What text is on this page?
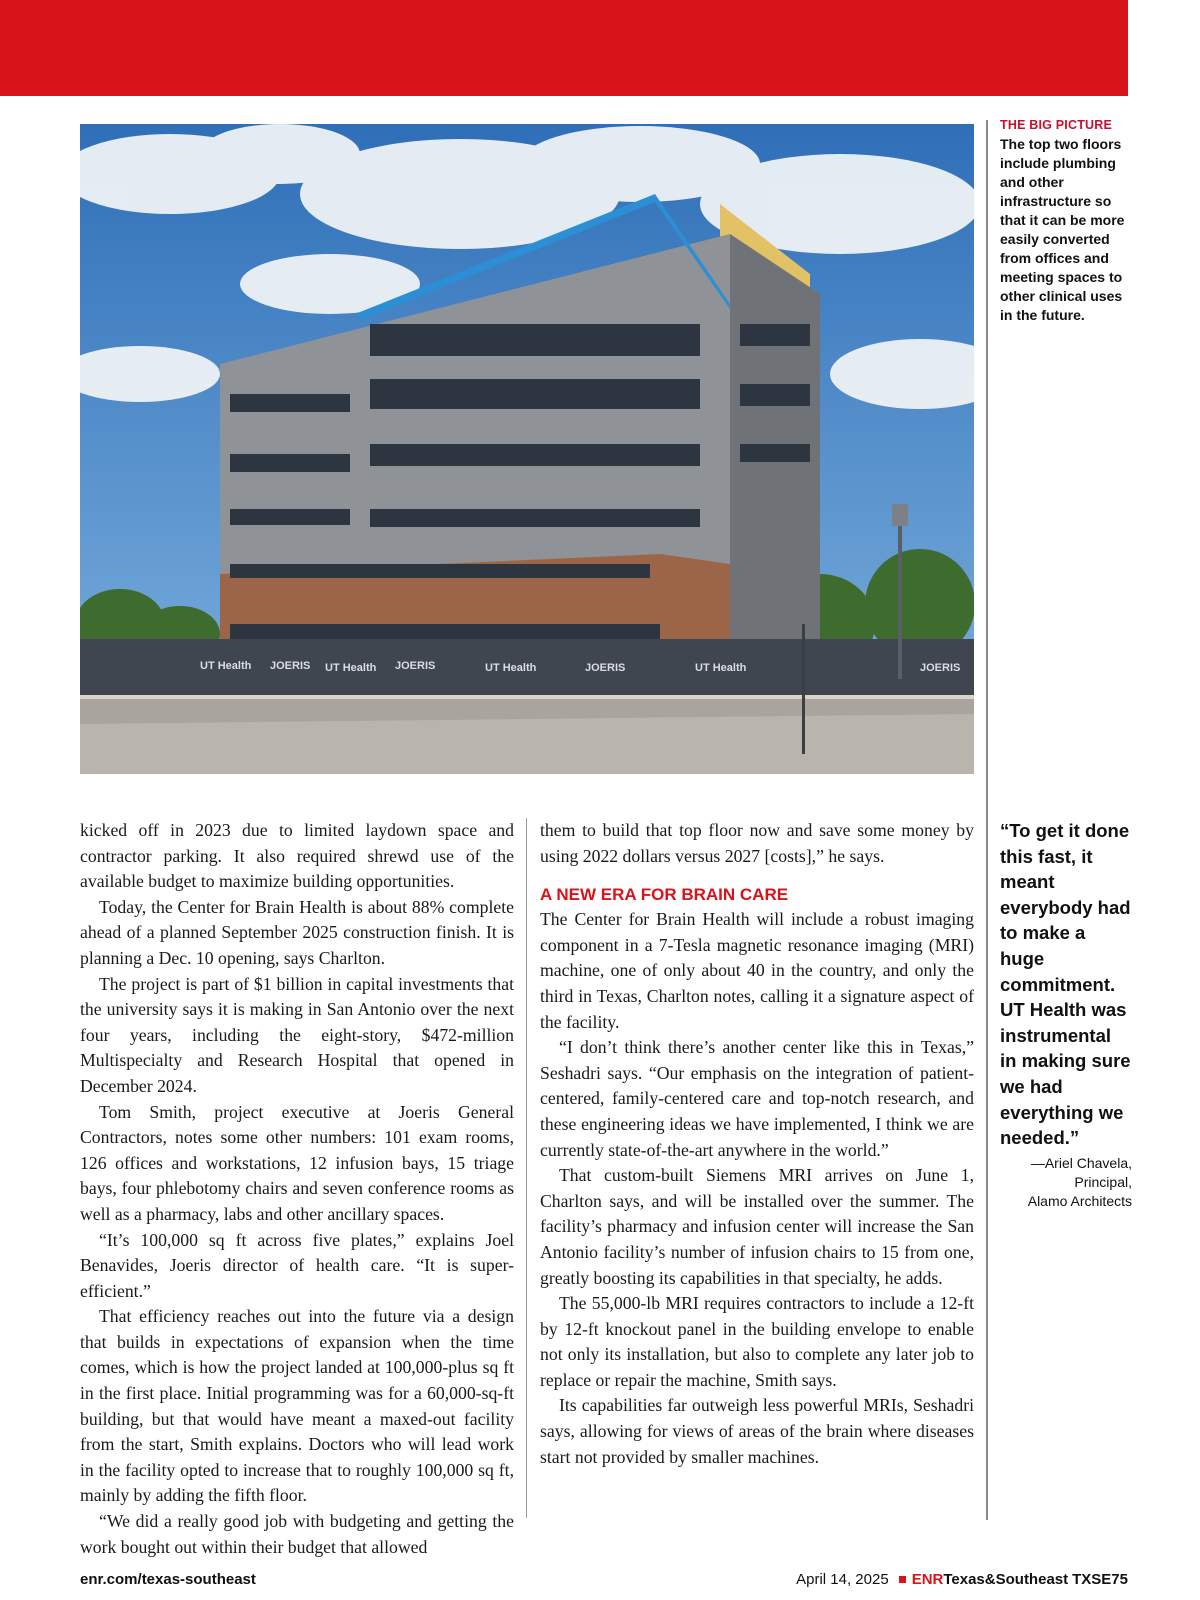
UT Health JOERIS UT Health JOERIS	UT Health	JOERIS	UT Health	JOERIS
THE BIG PICTURE
The top two floors include plumbing and other infrastructure so that it can be more easily converted from offices and meeting spaces to other clinical uses in the future.

kicked off in 2023 due to limited laydown space and contractor parking. It also required shrewd use of the available budget to maximize building opportunities.

Today, the Center for Brain Health is about 88% complete ahead of a planned September 2025 construction finish. It is planning a Dec. 10 opening, says Charlton.

The project is part of $1 billion in capital investments that the university says it is making in San Antonio over the next four years, including the eight-story, $472-million Multispecialty and Research Hospital that opened in December 2024.

Tom Smith, project executive at Joeris General Contractors, notes some other numbers: 101 exam rooms, 126 offices and workstations, 12 infusion bays, 15 triage bays, four phlebotomy chairs and seven conference rooms as well as a pharmacy, labs and other ancillary spaces.

“It’s 100,000 sq ft across five plates,” explains Joel Benavides, Joeris director of health care. “It is super-efficient.”

That efficiency reaches out into the future via a design that builds in expectations of expansion when the time comes, which is how the project landed at 100,000-plus sq ft in the first place. Initial programming was for a 60,000-sq-ft building, but that would have meant a maxed-out facility from the start, Smith explains. Doctors who will lead work in the facility opted to increase that to roughly 100,000 sq ft, mainly by adding the fifth floor.

“We did a really good job with budgeting and getting the work bought out within their budget that allowed

them to build that top floor now and save some money by using 2022 dollars versus 2027 [costs],” he says.

A NEW ERA FOR BRAIN CARE

The Center for Brain Health will include a robust imaging component in a 7-Tesla magnetic resonance imaging (MRI) machine, one of only about 40 in the country, and only the third in Texas, Charlton notes, calling it a signature aspect of the facility.

“I don’t think there’s another center like this in Texas,” Seshadri says. “Our emphasis on the integration of patient-centered, family-centered care and top-notch research, and these engineering ideas we have implemented, I think we are currently state-of-the-art anywhere in the world.”

That custom-built Siemens MRI arrives on June 1, Charlton says, and will be installed over the summer. The facility’s pharmacy and infusion center will increase the San Antonio facility’s number of infusion chairs to 15 from one, greatly boosting its capabilities in that specialty, he adds.

The 55,000-lb MRI requires contractors to include a 12-ft by 12-ft knockout panel in the building envelope to enable not only its installation, but also to complete any later job to replace or repair the machine, Smith says.

Its capabilities far outweigh less powerful MRIs, Seshadri says, allowing for views of areas of the brain where diseases start not provided by smaller machines.

“To get it done this fast, it meant everybody had to make a huge commitment. UT Health was instrumental in making sure we had everything we needed.”
—Ariel Chavela,
Principal,
Alamo Architects
enr.com/texas-southeast	April 14, 2025 ENR Texas&Southeast TXSE75
